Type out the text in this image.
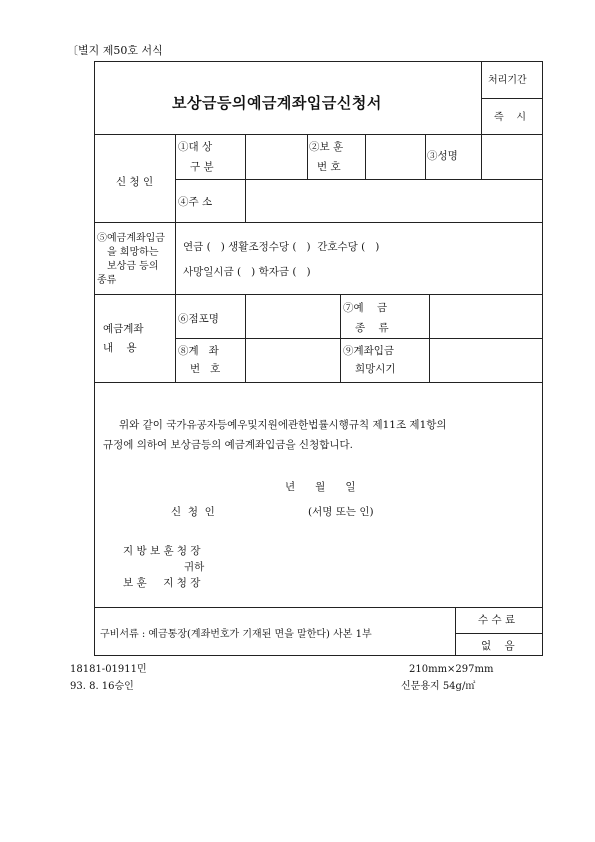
〔별지 제50호 서식
보상금등의예금계좌입금신청서
처리기간
즉    시
신 청 인
①대 상
구 분
②보 훈
번 호
③성명
④주 소
⑤예금계좌입금
을 희망하는
보상금 등의
종류
연금 (   ) 생활조정수당 (   )  간호수당 (   )
사망일시금 (   ) 학자금 (   )
예금계좌
내    용
⑥점포명
⑦예    금
종    류
⑧계   좌
번   호
⑨계좌입금
희망시기
위와 같이 국가유공자등예우및지원에관한법률시행규칙 제11조 제1항의
규정에 의하여 보상금등의 예금계좌입금을 신청합니다.
년      월      일
신  청  인	(서명 또는 인)
지 방 보 훈 청 장
귀하
보 훈     지 청 장
구비서류 : 예금통장(계좌번호가 기재된 면을 말한다) 사본 1부
수 수 료
없    음
18181-01911민
93. 8. 16승인
210mm×297mm
신문용지 54g/㎡
